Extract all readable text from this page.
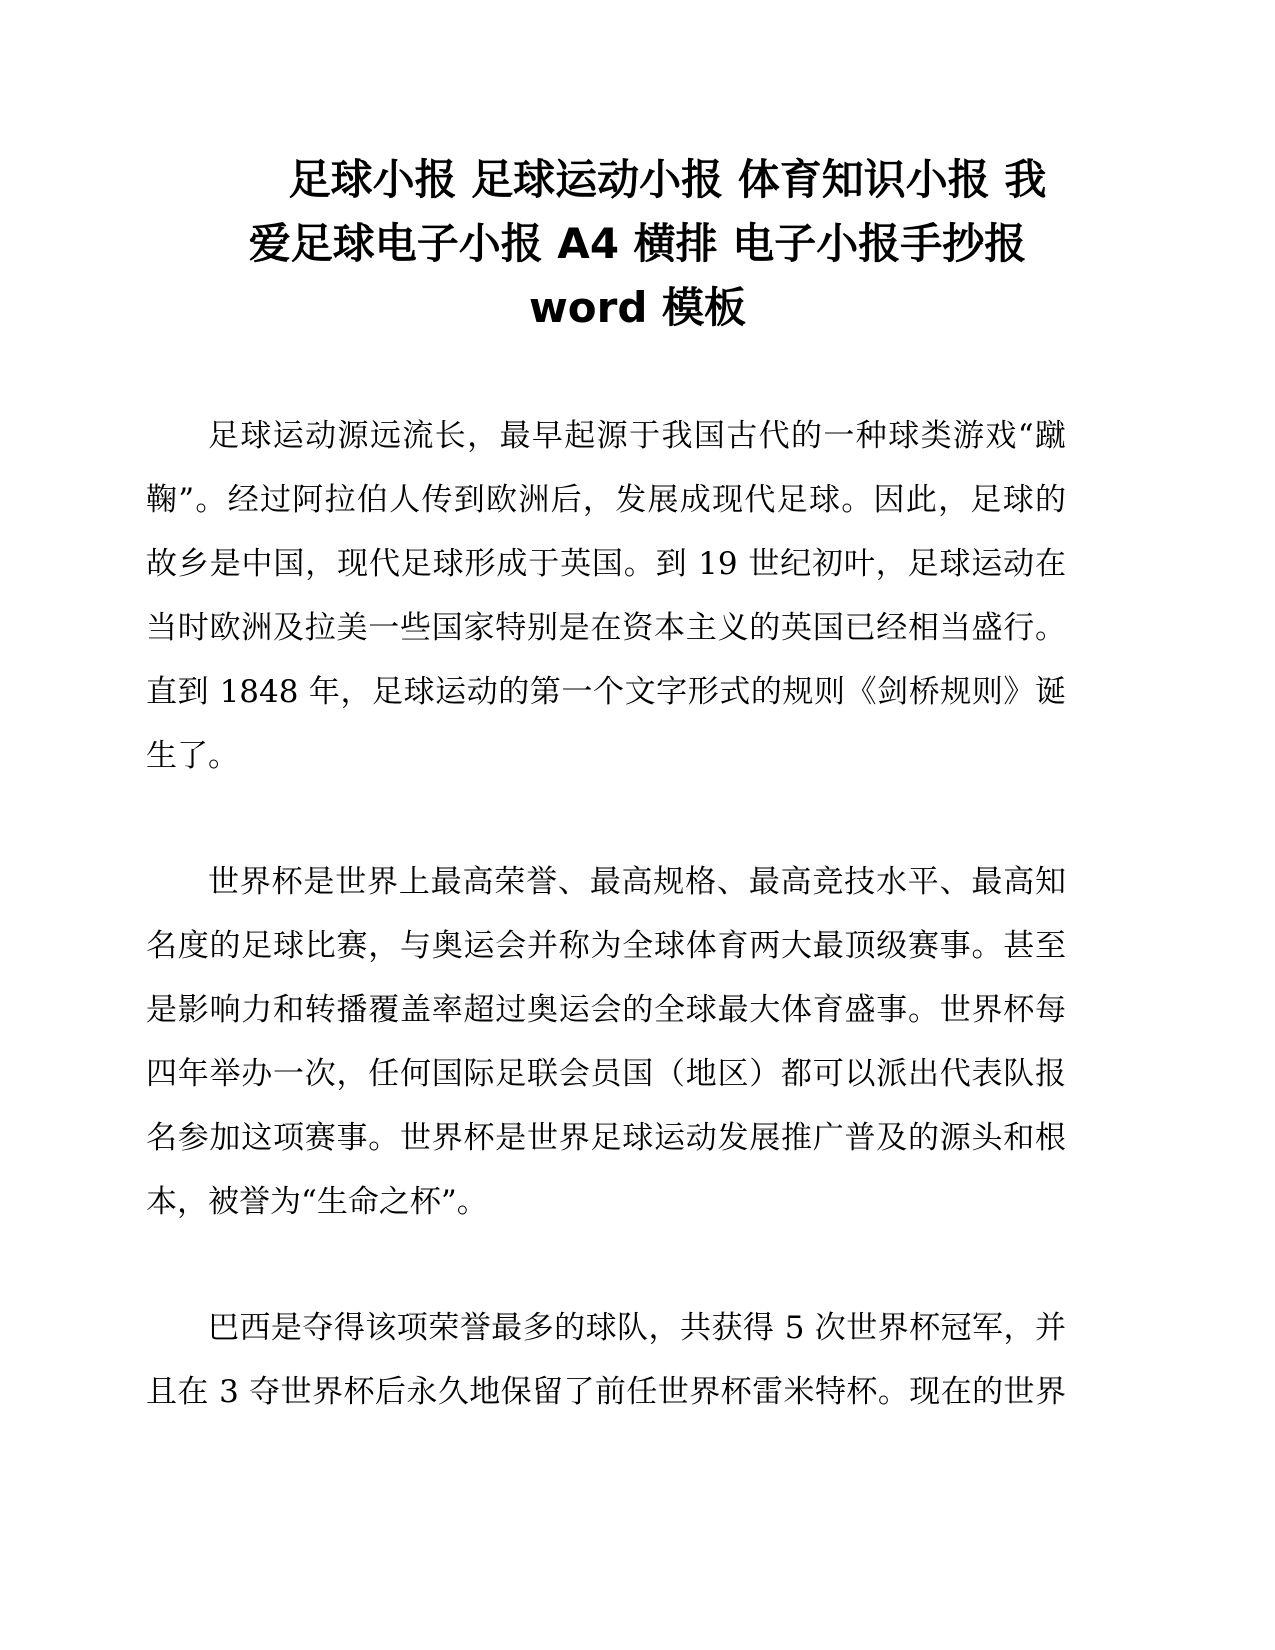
足球小报 足球运动小报 体育知识小报 我
爱足球电子小报 A4 横排 电子小报手抄报
word 模板
足球运动源远流长，最早起源于我国古代的一种球类游戏“蹴
鞠”。经过阿拉伯人传到欧洲后，发展成现代足球。因此，足球的
故乡是中国，现代足球形成于英国。到 19 世纪初叶，足球运动在
当时欧洲及拉美一些国家特别是在资本主义的英国已经相当盛行。
直到 1848 年，足球运动的第一个文字形式的规则《剑桥规则》诞
生了。
世界杯是世界上最高荣誉、最高规格、最高竞技水平、最高知
名度的足球比赛，与奥运会并称为全球体育两大最顶级赛事。甚至
是影响力和转播覆盖率超过奥运会的全球最大体育盛事。世界杯每
四年举办一次，任何国际足联会员国（地区）都可以派出代表队报
名参加这项赛事。世界杯是世界足球运动发展推广普及的源头和根
本，被誉为“生命之杯”。
巴西是夺得该项荣誉最多的球队，共获得 5 次世界杯冠军，并
且在 3 夺世界杯后永久地保留了前任世界杯雷米特杯。现在的世界
